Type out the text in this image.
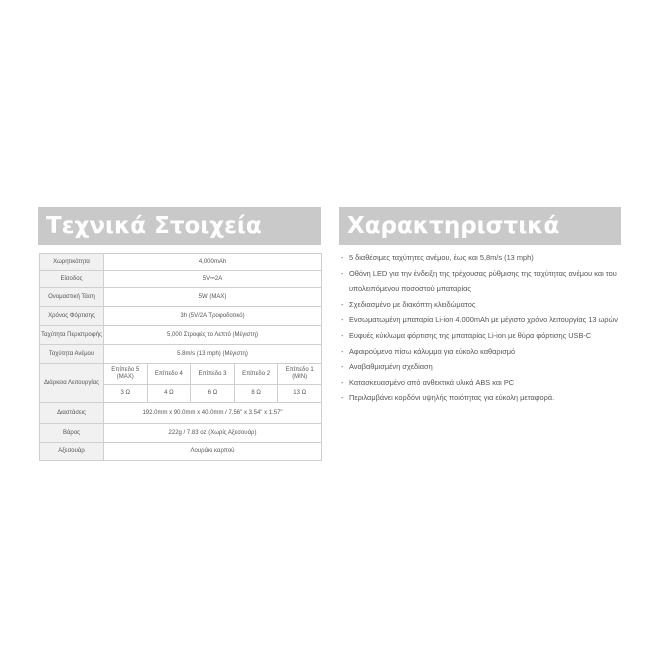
Τεχνικά Στοιχεία	Χαρακτηριστικά
Χωρητικότητα	4,000mAh				
Είσοδος	5V⎓2A				
Ονομαστική Τάση	5W (MAX)				
Χρόνος Φόρτισης	3h (5V/2A Τροφοδοτικό)				
Ταχύτητα Περιστροφής	5,000 Στροφές το Λεπτό (Μέγιστη)				
Ταχύτητα Ανέμου	5.8m/s (13 mph) (Μέγιστη)				
Διάρκεια Λειτουργίας	Επίπεδο 5 (MAX)	Επίπεδο 4	Επίπεδο 3	Επίπεδο 2	Επίπεδο 1 (MIN)
	3 Ω	4 Ω	6 Ω	8 Ω	13 Ω
Διαστάσεις	192.0mm x 90.0mm x 40.0mm / 7.56" x 3.54" x 1.57"				
Βάρος	222g / 7.83 oz (Χωρίς Αξεσουάρ)				
Αξεσουάρ	Λουράκι καρπού				
- 5 διαθέσιμες ταχύτητες ανέμου, έως και 5,8m/s (13 mph)
- Οθόνη LED για την ένδειξη της τρέχουσας ρύθμισης της ταχύτητας ανέμου και του υπολειπόμενου ποσοστού μπαταρίας
- Σχεδιασμένο με διακόπτη κλειδώματος
- Ενσωματωμένη μπαταρία Li-ion 4.000mAh με μέγιστο χρόνο λειτουργίας 13 ωρών
- Ευφυές κύκλωμα φόρτισης της μπαταρίας Li-ion με θύρα φόρτισης USB-C
- Αφαιρούμενο πίσω κάλυμμα για εύκολο καθαρισμό
- Αναβαθμισμένη σχεδίαση
- Κατασκευασμένο από ανθεκτικά υλικά ABS και PC
- Περιλαμβάνει κορδόνι υψηλής ποιότητας για εύκολη μεταφορά.
